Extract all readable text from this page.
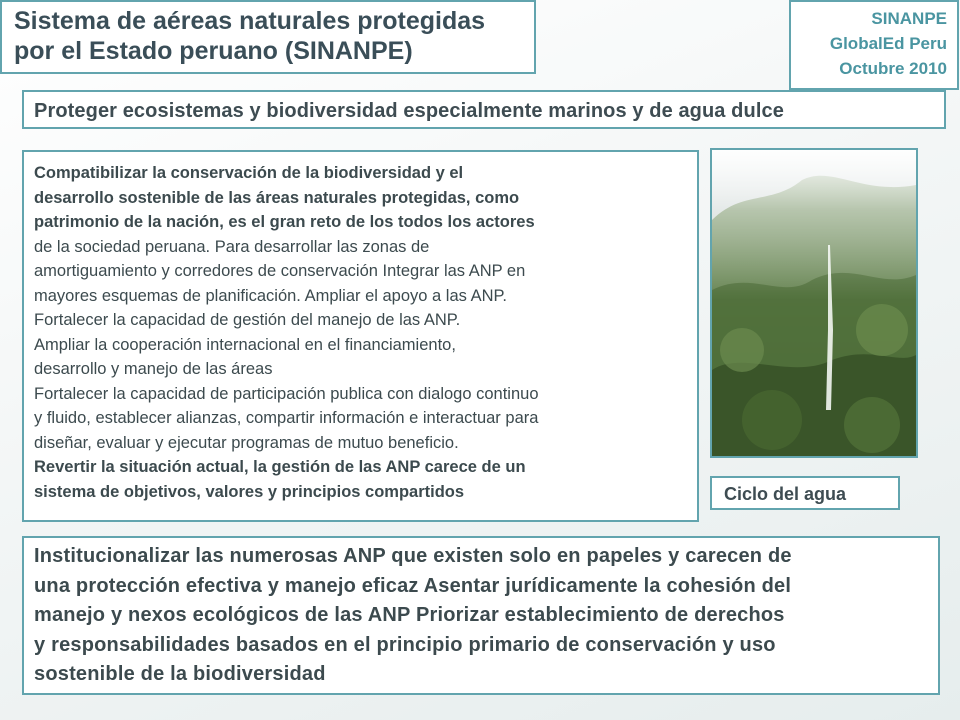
Sistema de aéreas naturales protegidas
por el Estado peruano (SINANPE)
SINANPE
GlobalEd Peru
Octubre 2010
Proteger ecosistemas y biodiversidad especialmente marinos y de agua dulce
Compatibilizar la conservación de la biodiversidad y el
desarrollo sostenible de las áreas naturales protegidas, como
patrimonio de la nación, es el gran reto de los todos los actores
de la sociedad peruana. Para desarrollar las zonas de
amortiguamiento y corredores de conservación Integrar las ANP en
mayores esquemas de planificación. Ampliar el apoyo a las ANP.
Fortalecer la capacidad de gestión del manejo de las ANP.
Ampliar la cooperación internacional en el financiamiento,
desarrollo y manejo de las áreas
Fortalecer la capacidad de participación publica con dialogo continuo
y fluido, establecer alianzas, compartir información e interactuar para
diseñar, evaluar y ejecutar programas de mutuo beneficio.
Revertir la situación actual, la gestión de las ANP carece de un
sistema de objetivos, valores y principios compartidos	Ciclo del agua
Institucionalizar las numerosas ANP que existen solo en papeles y carecen de
una protección efectiva y manejo eficaz Asentar jurídicamente la cohesión del
manejo y nexos ecológicos de las ANP Priorizar establecimiento de derechos
y responsabilidades basados en el principio primario de conservación y uso
sostenible de la biodiversidad
